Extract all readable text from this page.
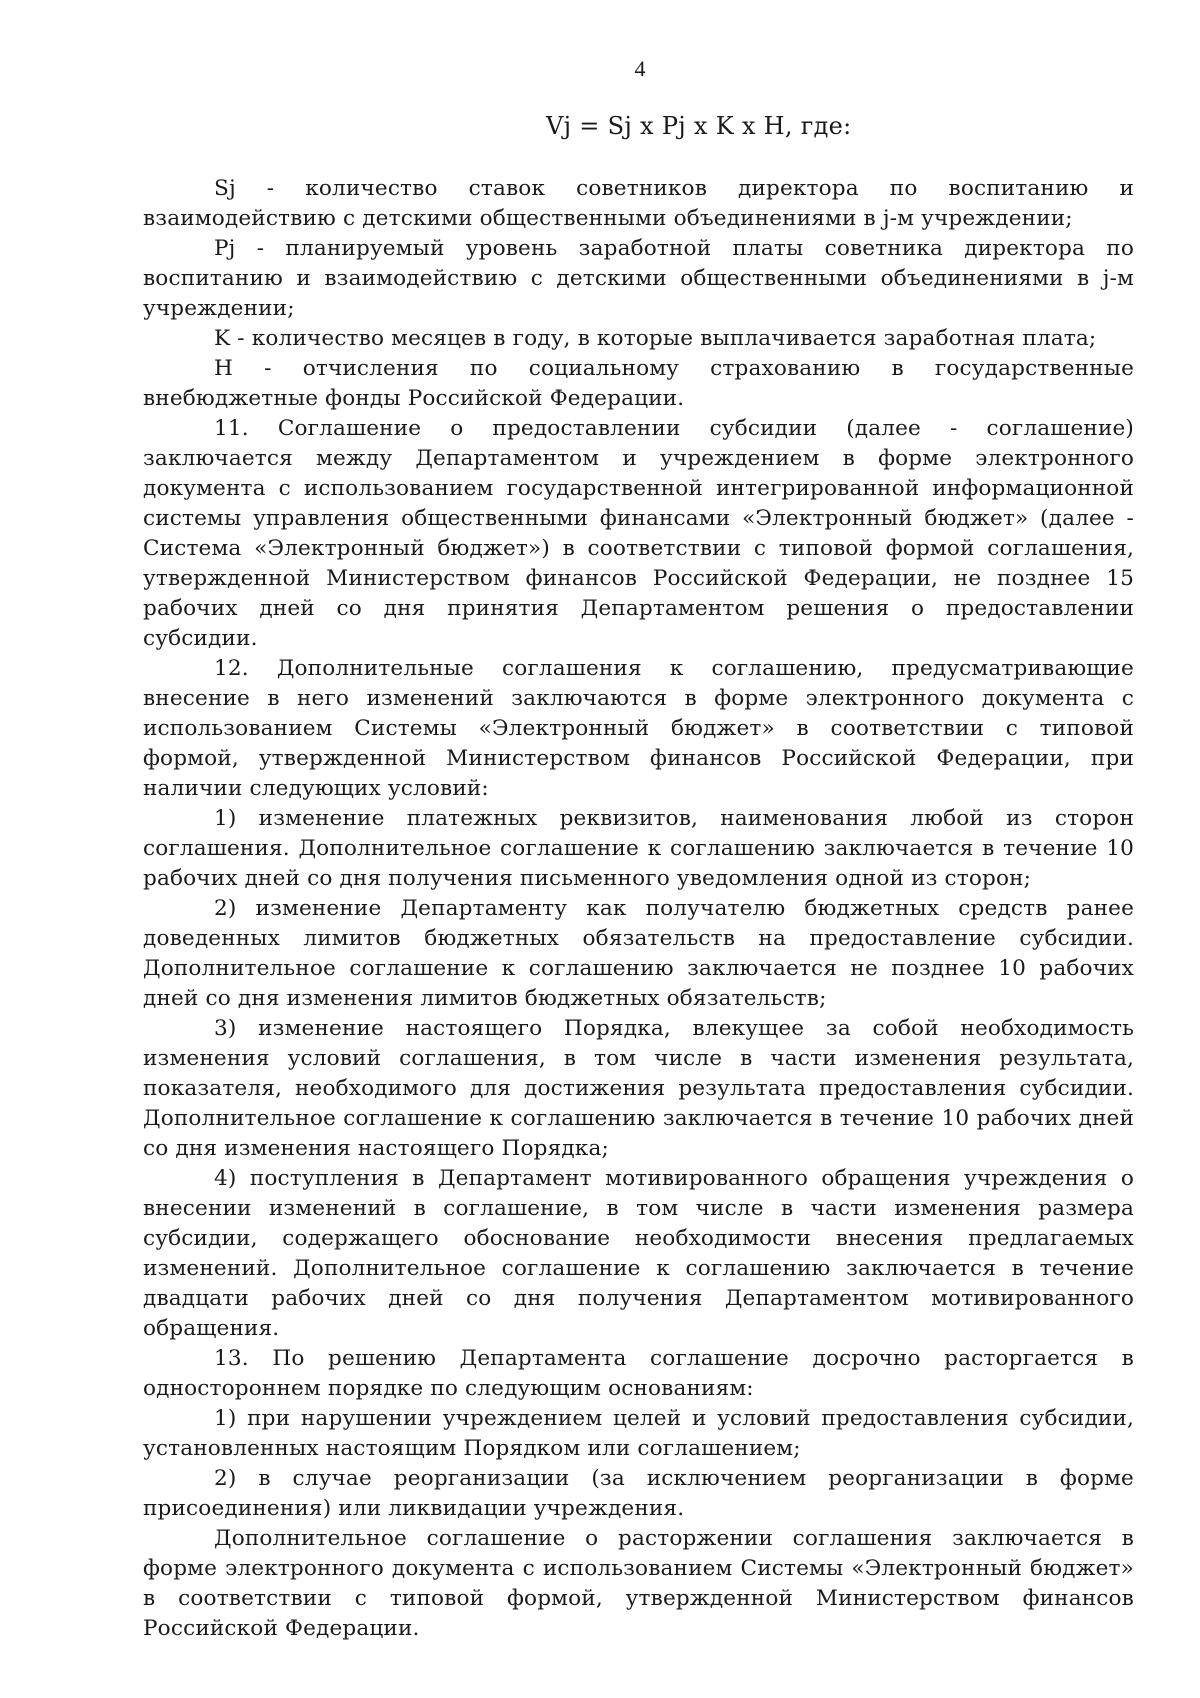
4
Vj = Sj x Pj x K x H, где:

Sj - количество ставок советников директора по воспитанию и взаимодействию с детскими общественными объединениями в j-м учреждении;

Pj - планируемый уровень заработной платы советника директора по воспитанию и взаимодействию с детскими общественными объединениями в j-м учреждении;

K - количество месяцев в году, в которые выплачивается заработная плата;

H - отчисления по социальному страхованию в государственные внебюджетные фонды Российской Федерации.

11. Соглашение о предоставлении субсидии (далее - соглашение) заключается между Департаментом и учреждением в форме электронного документа с использованием государственной интегрированной информационной системы управления общественными финансами «Электронный бюджет» (далее - Система «Электронный бюджет») в соответствии с типовой формой соглашения, утвержденной Министерством финансов Российской Федерации, не позднее 15 рабочих дней со дня принятия Департаментом решения о предоставлении субсидии.

12. Дополнительные соглашения к соглашению, предусматривающие внесение в него изменений заключаются в форме электронного документа с использованием Системы «Электронный бюджет» в соответствии с типовой формой, утвержденной Министерством финансов Российской Федерации, при наличии следующих условий:

1) изменение платежных реквизитов, наименования любой из сторон соглашения. Дополнительное соглашение к соглашению заключается в течение 10 рабочих дней со дня получения письменного уведомления одной из сторон;

2) изменение Департаменту как получателю бюджетных средств ранее доведенных лимитов бюджетных обязательств на предоставление субсидии. Дополнительное соглашение к соглашению заключается не позднее 10 рабочих дней со дня изменения лимитов бюджетных обязательств;

3) изменение настоящего Порядка, влекущее за собой необходимость изменения условий соглашения, в том числе в части изменения результата, показателя, необходимого для достижения результата предоставления субсидии. Дополнительное соглашение к соглашению заключается в течение 10 рабочих дней со дня изменения настоящего Порядка;

4) поступления в Департамент мотивированного обращения учреждения о внесении изменений в соглашение, в том числе в части изменения размера субсидии, содержащего обоснование необходимости внесения предлагаемых изменений. Дополнительное соглашение к соглашению заключается в течение двадцати рабочих дней со дня получения Департаментом мотивированного обращения.

13. По решению Департамента соглашение досрочно расторгается в одностороннем порядке по следующим основаниям:

1) при нарушении учреждением целей и условий предоставления субсидии, установленных настоящим Порядком или соглашением;

2) в случае реорганизации (за исключением реорганизации в форме присоединения) или ликвидации учреждения.

Дополнительное соглашение о расторжении соглашения заключается в форме электронного документа с использованием Системы «Электронный бюджет» в соответствии с типовой формой, утвержденной Министерством финансов Российской Федерации.
